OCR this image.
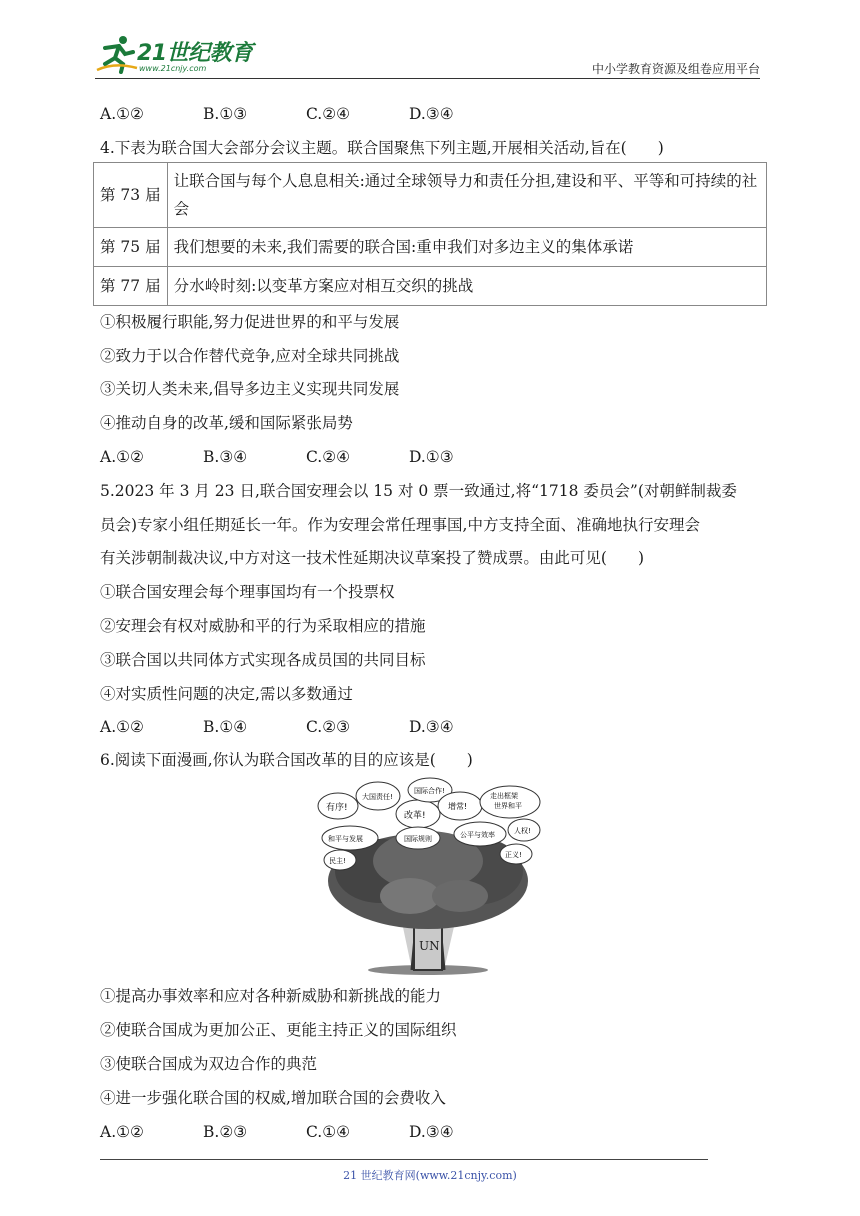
21世纪教育
www.21cnjy.com	中小学教育资源及组卷应用平台
A.①②	B.①③	C.②④	D.③④
4.下表为联合国大会部分会议主题。联合国聚焦下列主题,开展相关活动,旨在(　　)
第 73 届	让联合国与每个人息息相关:通过全球领导力和责任分担,建设和平、平等和可持续的社会
第 75 届	我们想要的未来,我们需要的联合国:重申我们对多边主义的集体承诺
第 77 届	分水岭时刻:以变革方案应对相互交织的挑战
①积极履行职能,努力促进世界的和平与发展
②致力于以合作替代竞争,应对全球共同挑战
③关切人类未来,倡导多边主义实现共同发展
④推动自身的改革,缓和国际紧张局势
A.①②	B.③④	C.②④	D.①③
5.2023 年 3 月 23 日,联合国安理会以 15 对 0 票一致通过,将“1718 委员会”(对朝鲜制裁委
员会)专家小组任期延长一年。作为安理会常任理事国,中方支持全面、准确地执行安理会
有关涉朝制裁决议,中方对这一技术性延期决议草案投了赞成票。由此可见(　　)
①联合国安理会每个理事国均有一个投票权
②安理会有权对威胁和平的行为采取相应的措施
③联合国以共同体方式实现各成员国的共同目标
④对实质性问题的决定,需以多数通过
A.①②	B.①④	C.②③	D.③④
6.阅读下面漫画,你认为联合国改革的目的应该是(　　)
有序!
大国责任!
国际合作!
增常!
走出框架
世界和平
改革!
国际规则
和平与发展	公平与效率	人权!
民主!
正义!
UN
①提高办事效率和应对各种新威胁和新挑战的能力
②使联合国成为更加公正、更能主持正义的国际组织
③使联合国成为双边合作的典范
④进一步强化联合国的权威,增加联合国的会费收入
A.①②	B.②③	C.①④	D.③④
21 世纪教育网(www.21cnjy.com)
